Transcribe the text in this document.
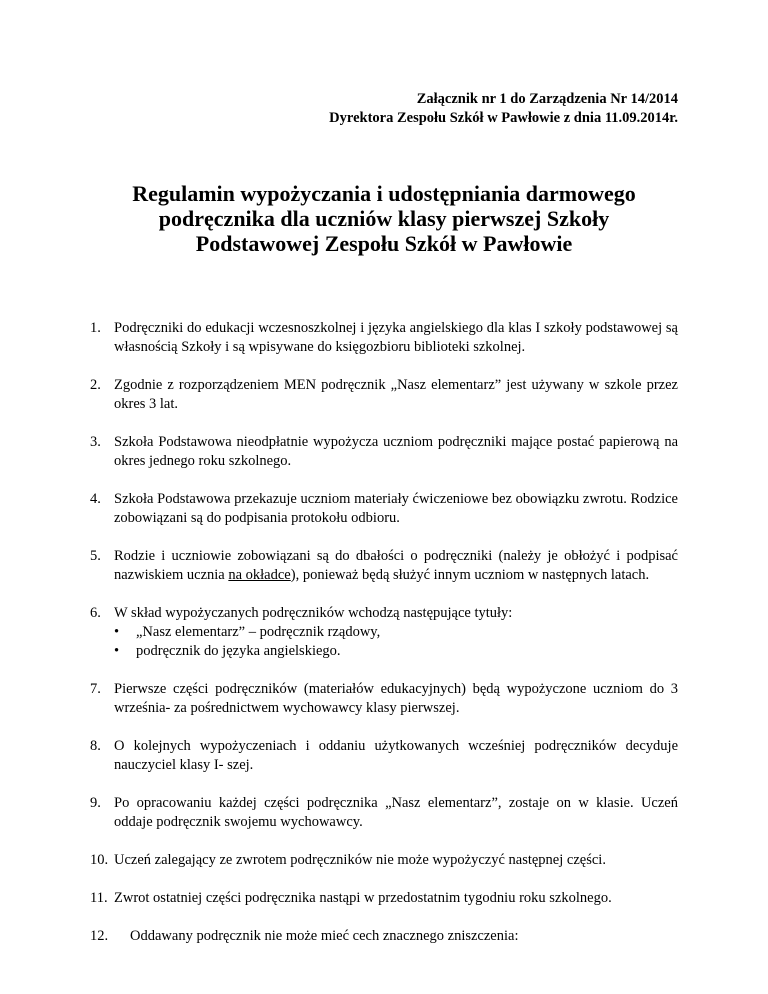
Załącznik nr 1 do Zarządzenia Nr 14/2014
Dyrektora Zespołu Szkół w Pawłowie z dnia 11.09.2014r.
Regulamin wypożyczania i udostępniania darmowego
podręcznika dla uczniów klasy pierwszej Szkoły
Podstawowej Zespołu Szkół w Pawłowie
1. Podręczniki do edukacji wczesnoszkolnej i języka angielskiego dla klas I szkoły podstawowej są własnością Szkoły i są wpisywane do księgozbioru biblioteki szkolnej.
2. Zgodnie z rozporządzeniem MEN podręcznik „Nasz elementarz” jest używany w szkole przez okres 3 lat.
3. Szkoła Podstawowa nieodpłatnie wypożycza uczniom podręczniki mające postać papierową na okres jednego roku szkolnego.
4. Szkoła Podstawowa przekazuje uczniom materiały ćwiczeniowe bez obowiązku zwrotu. Rodzice zobowiązani są do podpisania protokołu odbioru.
5. Rodzie i uczniowie zobowiązani są do dbałości o podręczniki (należy je obłożyć i podpisać nazwiskiem ucznia na okładce), ponieważ będą służyć innym uczniom w następnych latach.
6. W skład wypożyczanych podręczników wchodzą następujące tytuły:
• „Nasz elementarz” – podręcznik rządowy,
• podręcznik do języka angielskiego.
7. Pierwsze części podręczników (materiałów edukacyjnych) będą wypożyczone uczniom do 3 września- za pośrednictwem wychowawcy klasy pierwszej.
8. O kolejnych wypożyczeniach i oddaniu użytkowanych wcześniej podręczników decyduje nauczyciel klasy I- szej.
9. Po opracowaniu każdej części podręcznika „Nasz elementarz”, zostaje on w klasie. Uczeń oddaje podręcznik swojemu wychowawcy.
10. Uczeń zalegający ze zwrotem podręczników nie może wypożyczyć następnej części.
11. Zwrot ostatniej części podręcznika nastąpi w przedostatnim tygodniu roku szkolnego.
12. Oddawany podręcznik nie może mieć cech znacznego zniszczenia:
